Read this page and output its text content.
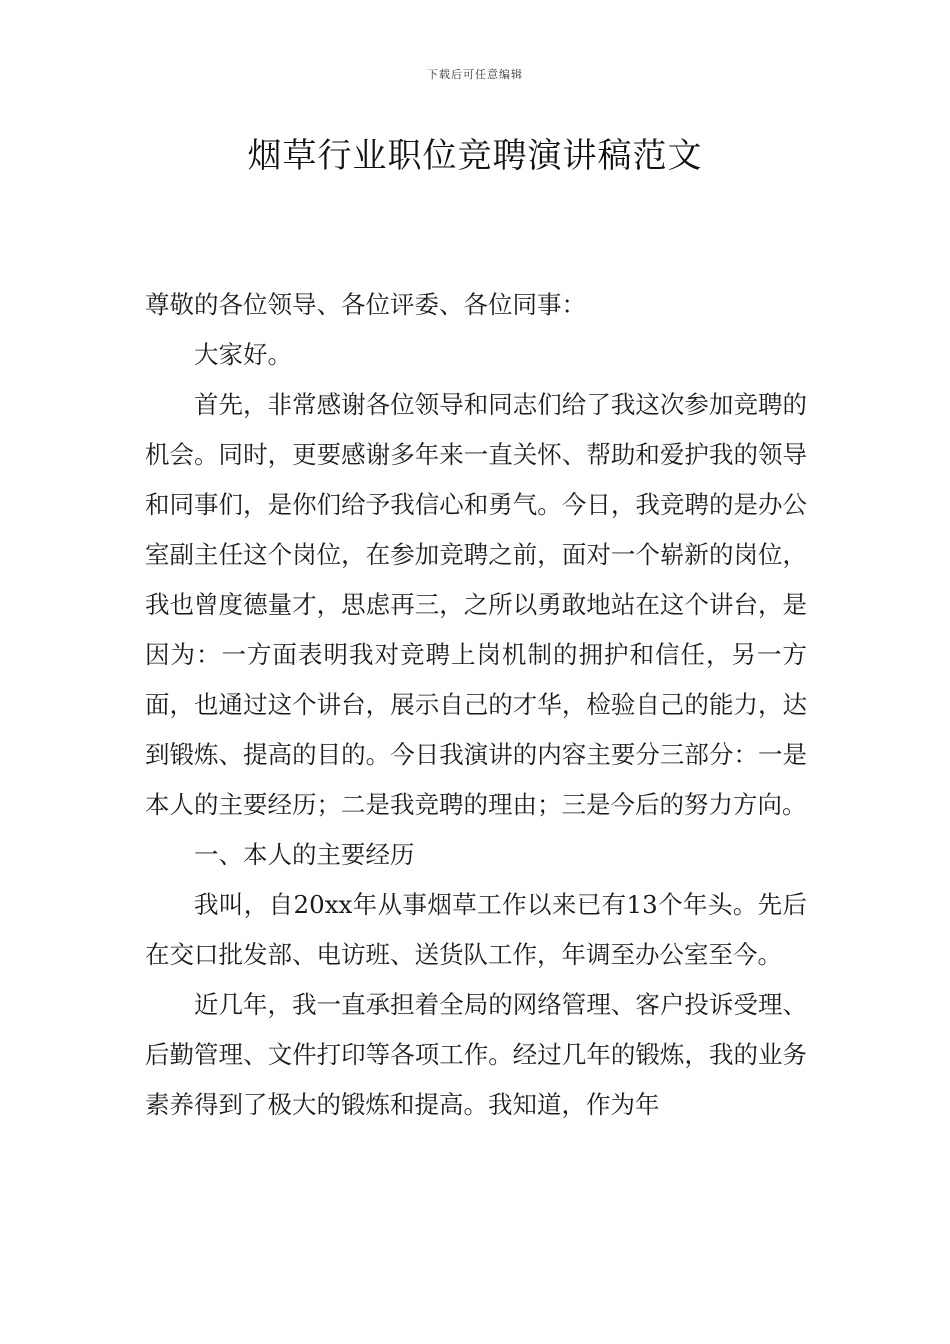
下载后可任意编辑
烟草行业职位竞聘演讲稿范文

尊敬的各位领导、各位评委、各位同事：

大家好。

首先，非常感谢各位领导和同志们给了我这次参加竞聘的机会。同时，更要感谢多年来一直关怀、帮助和爱护我的领导和同事们，是你们给予我信心和勇气。今日，我竞聘的是办公室副主任这个岗位，在参加竞聘之前，面对一个崭新的岗位，我也曾度德量才，思虑再三，之所以勇敢地站在这个讲台，是因为：一方面表明我对竞聘上岗机制的拥护和信任，另一方面，也通过这个讲台，展示自己的才华，检验自己的能力，达到锻炼、提高的目的。今日我演讲的内容主要分三部分：一是本人的主要经历；二是我竞聘的理由；三是今后的努力方向。

一、本人的主要经历

我叫，自20xx年从事烟草工作以来已有13个年头。先后在交口批发部、电访班、送货队工作，年调至办公室至今。

近几年，我一直承担着全局的网络管理、客户投诉受理、后勤管理、文件打印等各项工作。经过几年的锻炼，我的业务素养得到了极大的锻炼和提高。我知道，作为年
